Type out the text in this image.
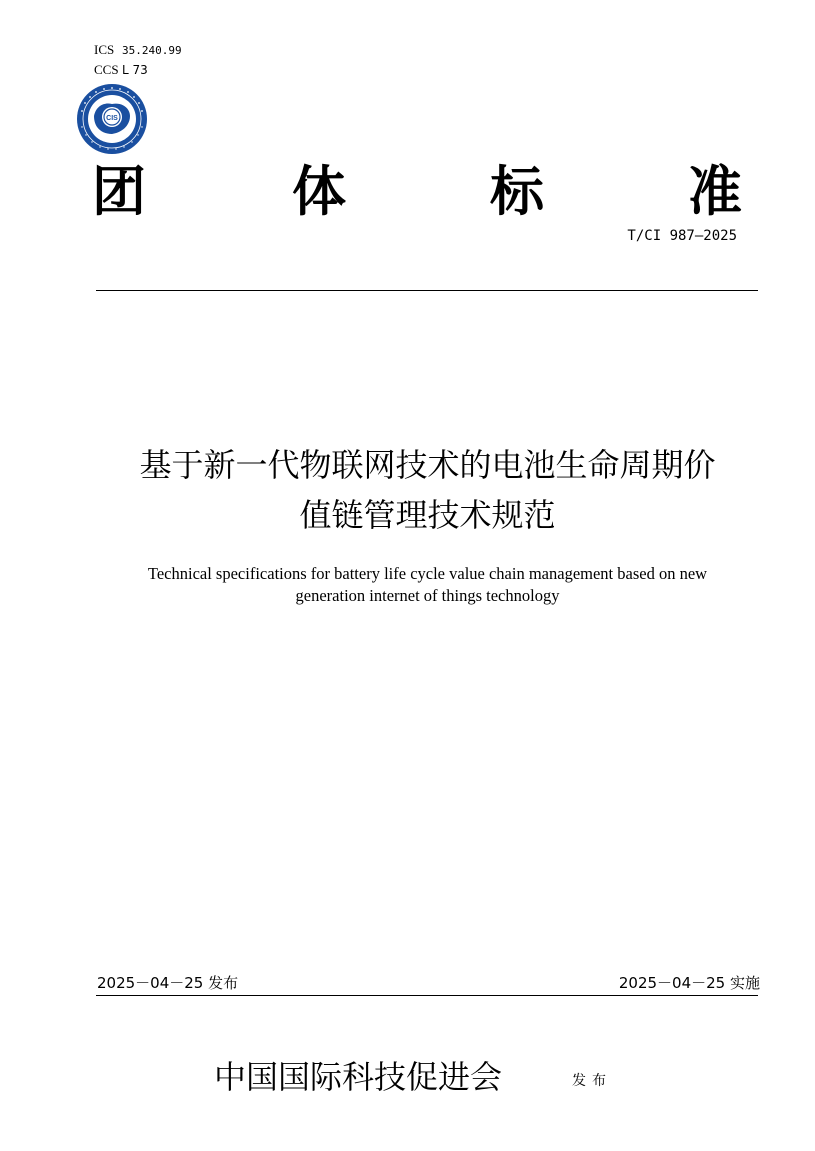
ICS 35.240.99
CCS L 73
CIS
团	体	标	准
T/CI 987—2025
基于新一代物联网技术的电池生命周期价
值链管理技术规范
Technical specifications for battery life cycle value chain management based on new
generation internet of things technology
2025－04－25 发布	2025－04－25 实施
中国国际科技促进会	发布
